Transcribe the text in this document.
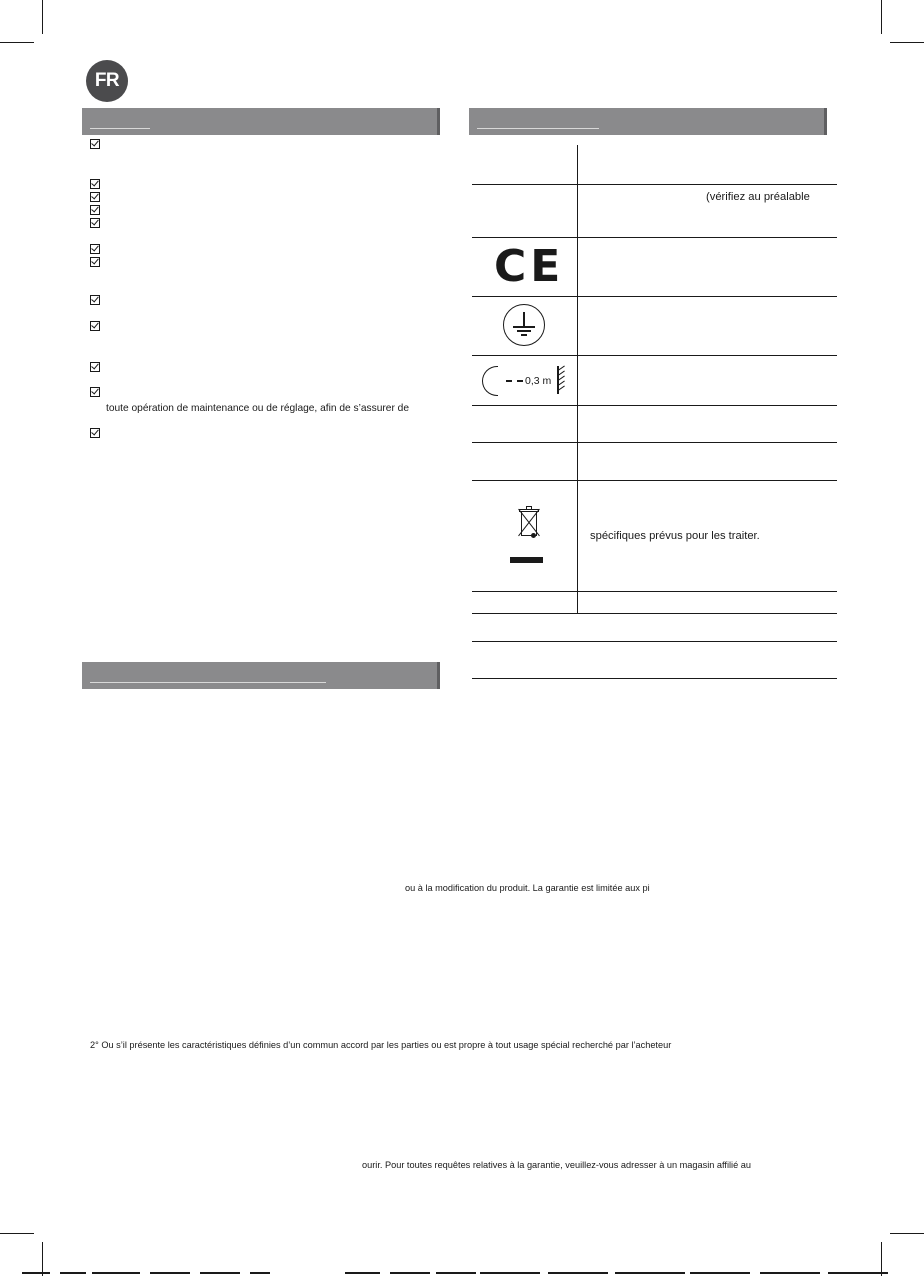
FR
toute opération de maintenance ou de réglage, afin de s’assurer de
(vérifiez au préalable
CE
0,3 m
spécifiques prévus pour les traiter.
ou à la modification du produit. La garantie est limitée aux pi
2° Ou s’il présente les caractéristiques définies d’un commun accord par les parties ou est propre à tout usage spécial recherché par l’acheteur
ourir. Pour toutes requêtes relatives à la garantie, veuillez-vous adresser à un magasin affilié au
